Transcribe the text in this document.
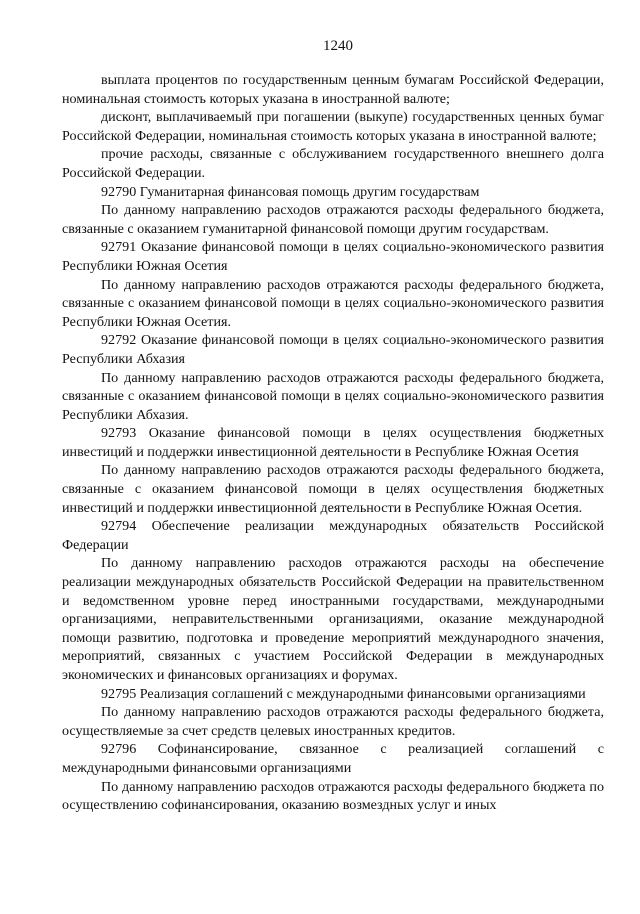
1240

выплата процентов по государственным ценным бумагам Российской Федерации, номинальная стоимость которых указана в иностранной валюте;

дисконт, выплачиваемый при погашении (выкупе) государственных ценных бумаг Российской Федерации, номинальная стоимость которых указана в иностранной валюте;

прочие расходы, связанные с обслуживанием государственного внешнего долга Российской Федерации.

92790 Гуманитарная финансовая помощь другим государствам

По данному направлению расходов отражаются расходы федерального бюджета, связанные с оказанием гуманитарной финансовой помощи другим государствам.

92791 Оказание финансовой помощи в целях социально-экономического развития Республики Южная Осетия

По данному направлению расходов отражаются расходы федерального бюджета, связанные с оказанием финансовой помощи в целях социально-экономического развития Республики Южная Осетия.

92792 Оказание финансовой помощи в целях социально-экономического развития Республики Абхазия

По данному направлению расходов отражаются расходы федерального бюджета, связанные с оказанием финансовой помощи в целях социально-экономического развития Республики Абхазия.

92793 Оказание финансовой помощи в целях осуществления бюджетных инвестиций и поддержки инвестиционной деятельности в Республике Южная Осетия

По данному направлению расходов отражаются расходы федерального бюджета, связанные с оказанием финансовой помощи в целях осуществления бюджетных инвестиций и поддержки инвестиционной деятельности в Республике Южная Осетия.

92794 Обеспечение реализации международных обязательств Российской Федерации

По данному направлению расходов отражаются расходы на обеспечение реализации международных обязательств Российской Федерации на правительственном и ведомственном уровне перед иностранными государствами, международными организациями, неправительственными организациями, оказание международной помощи развитию, подготовка и проведение мероприятий международного значения, мероприятий, связанных с участием Российской Федерации в международных экономических и финансовых организациях и форумах.

92795 Реализация соглашений с международными финансовыми организациями

По данному направлению расходов отражаются расходы федерального бюджета, осуществляемые за счет средств целевых иностранных кредитов.

92796 Софинансирование, связанное с реализацией соглашений с международными финансовыми организациями

По данному направлению расходов отражаются расходы федерального бюджета по осуществлению софинансирования, оказанию возмездных услуг и иных
